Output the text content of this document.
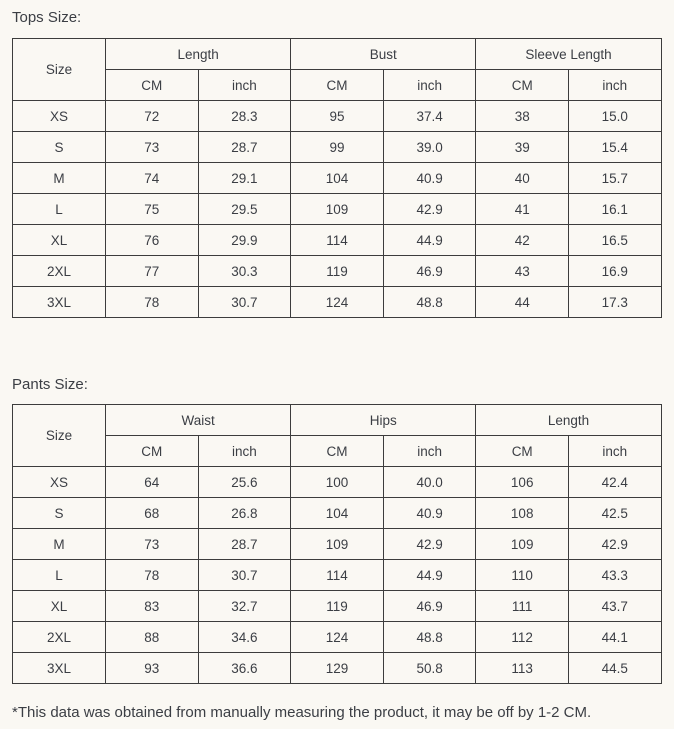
Tops Size:

Size	Length		Bust		Sleeve Length	
	CM	inch	CM	inch	CM	inch
XS	72	28.3	95	37.4	38	15.0
S	73	28.7	99	39.0	39	15.4
M	74	29.1	104	40.9	40	15.7
L	75	29.5	109	42.9	41	16.1
XL	76	29.9	114	44.9	42	16.5
2XL	77	30.3	119	46.9	43	16.9
3XL	78	30.7	124	48.8	44	17.3

Pants Size:

Size	Waist		Hips		Length	
	CM	inch	CM	inch	CM	inch
XS	64	25.6	100	40.0	106	42.4
S	68	26.8	104	40.9	108	42.5
M	73	28.7	109	42.9	109	42.9
L	78	30.7	114	44.9	110	43.3
XL	83	32.7	119	46.9	111	43.7
2XL	88	34.6	124	48.8	112	44.1
3XL	93	36.6	129	50.8	113	44.5

*This data was obtained from manually measuring the product, it may be off by 1-2 CM.
